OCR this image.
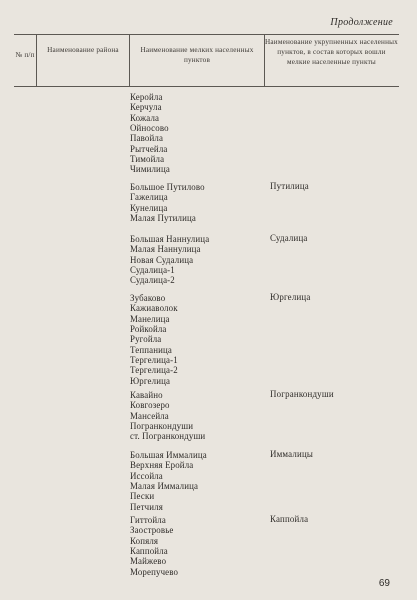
Продолжение
№ п/п
Наименование района	Наименование мелких населенных пунктов
Наименование укрупненных населенных пунктов, в состав которых вошли мелкие населенные пункты
Керойла
Керчула
Кожала
Ойносово
Павойла
Рытчейла
Тимойла
Чимилица
Большое Путилово
Гажелица
Кунелица
Малая Путилица
Путилица
Большая Наннулица
Малая Наннулица
Новая Судалица
Судалица-1
Судалица-2
Судалица
Зубаково
Кажиаволок
Манелица
Ройкойла
Ругойла
Теппаница
Тергелица-1
Тергелица-2
Юргелица
Юргелица
Кавайно
Ковгозеро
Мансейла
Погранкондуши
ст. Погранкондуши
Погранкондуши
Большая Иммалица
Верхняя Еройла
Иссойла
Малая Иммалица
Пески
Петчиля
Иммалицы
Гиттойла
Заостровье
Копяля
Каппойла
Майжево
Морепучево
Каппойла
69
